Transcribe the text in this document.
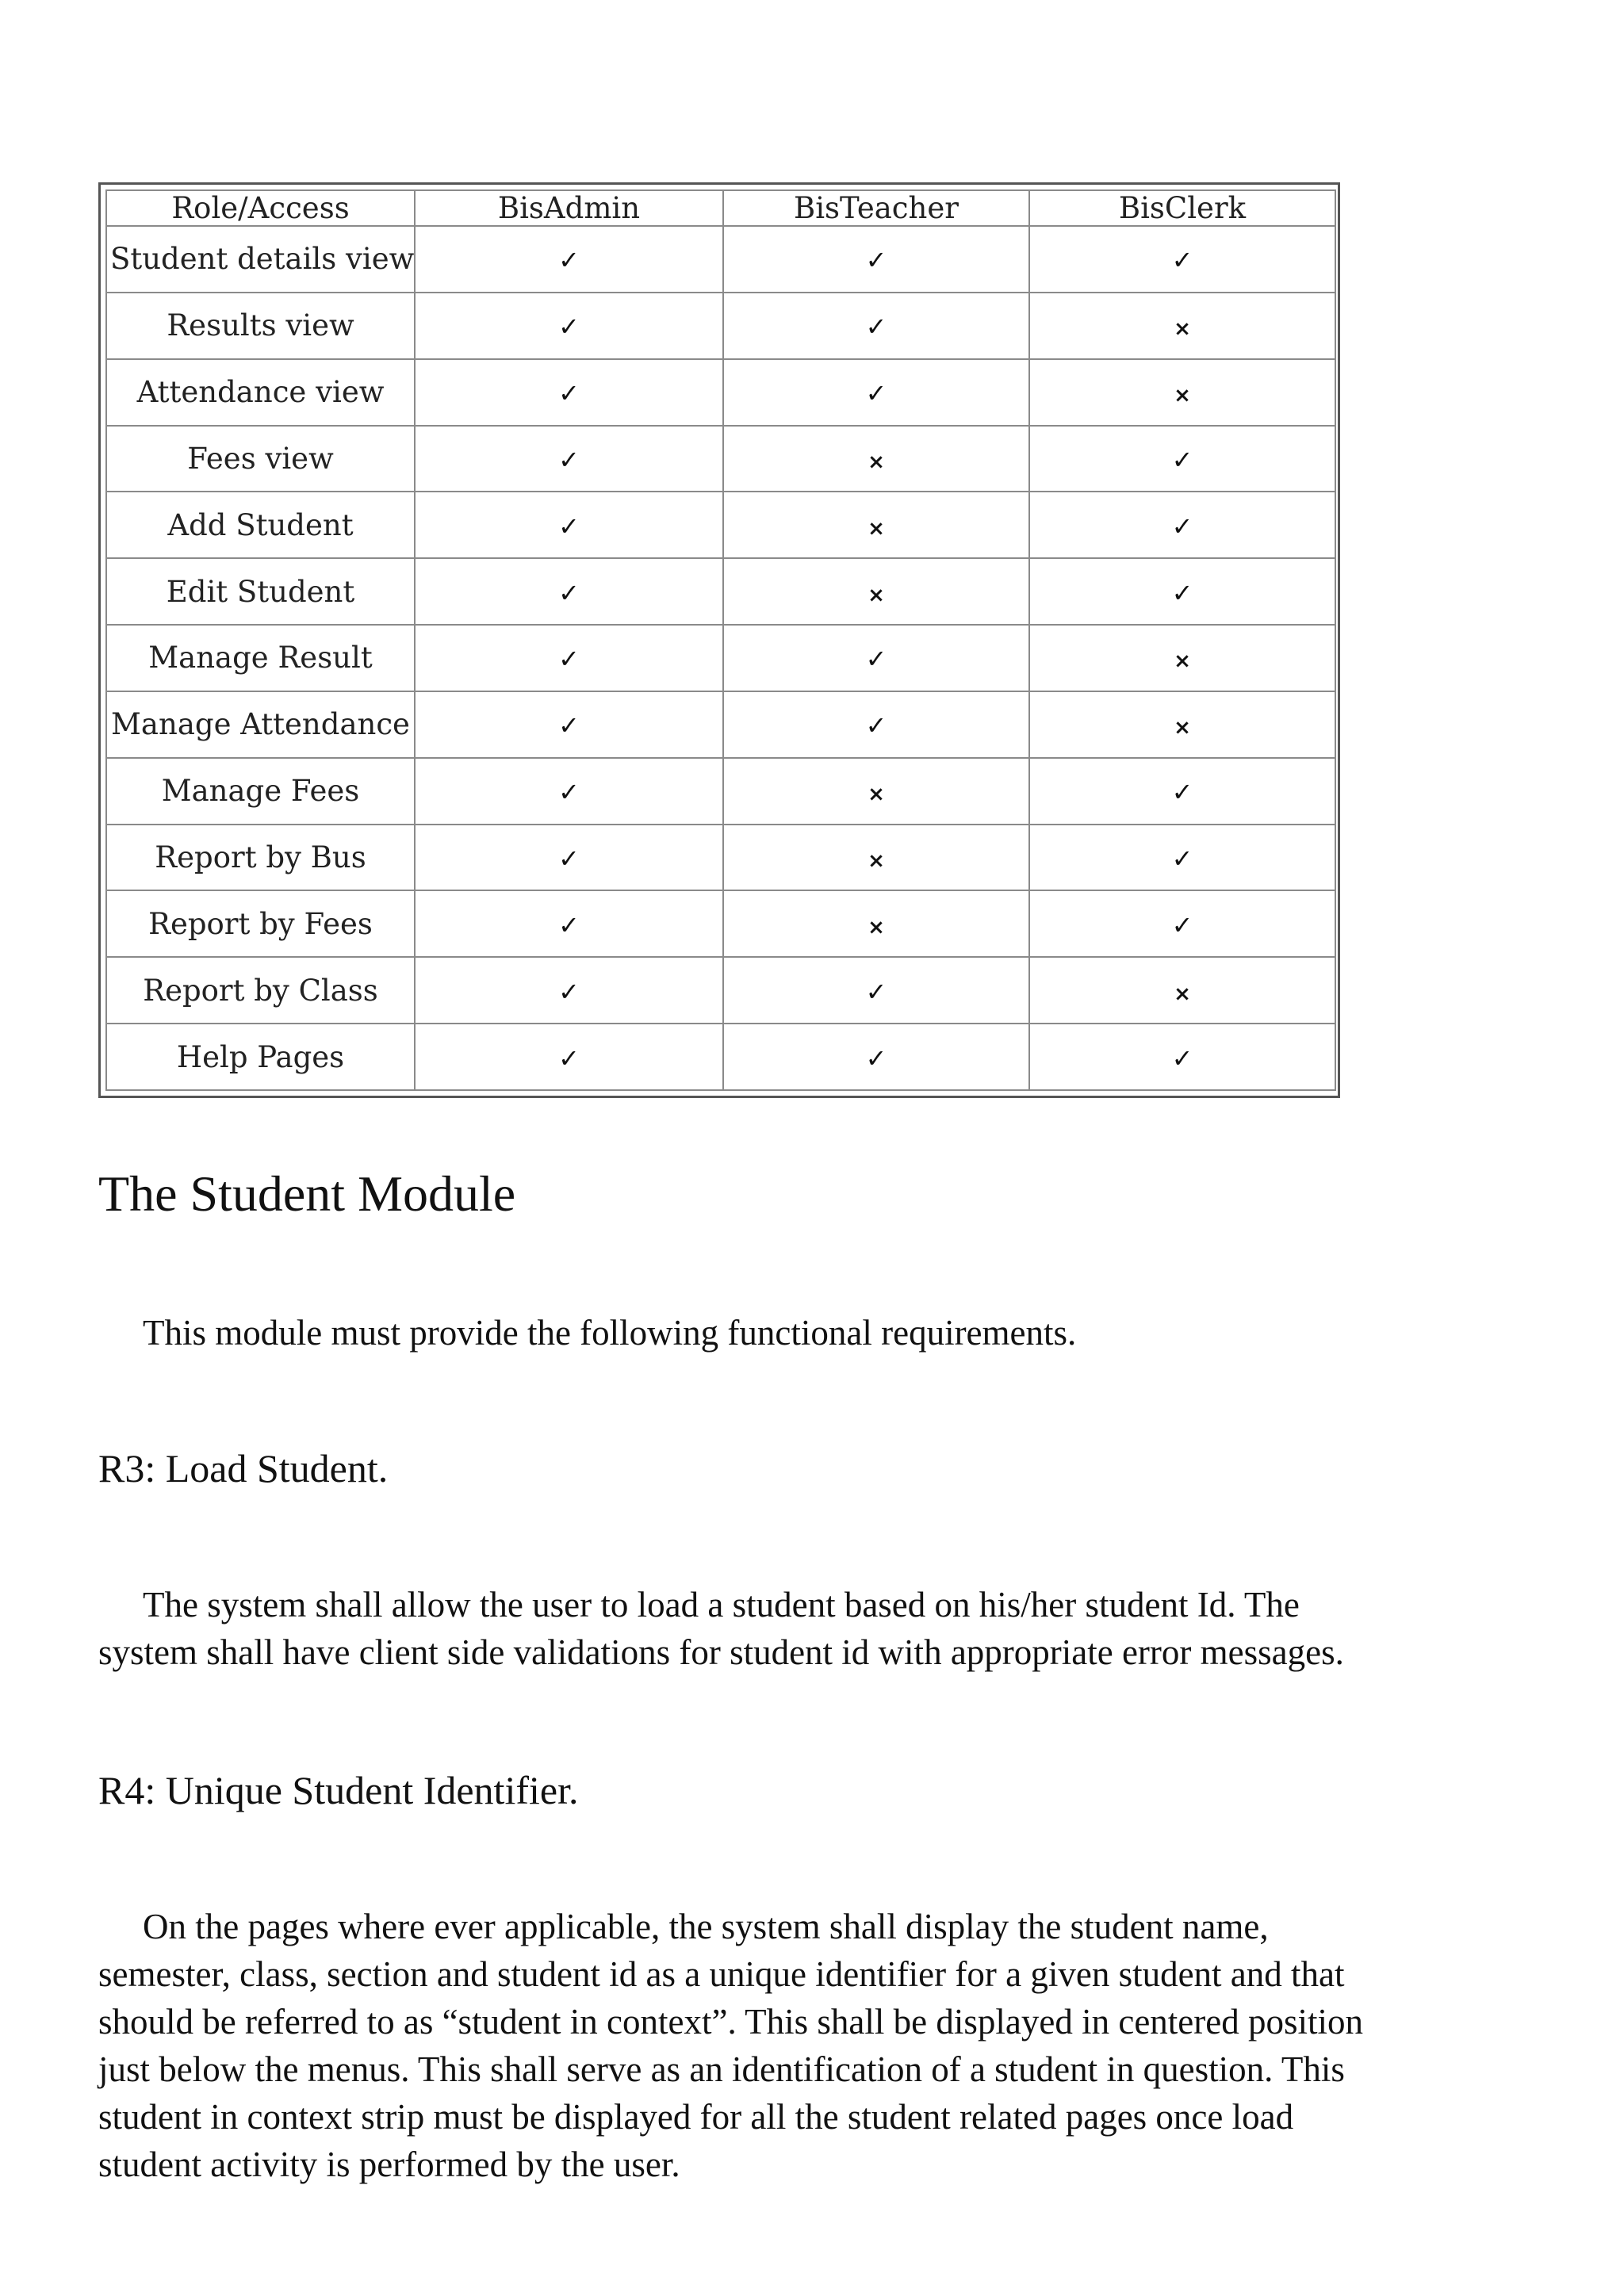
Role/Access	BisAdmin	BisTeacher	BisClerk
Student details view	✓	✓	✓
Results view	✓	✓	×
Attendance view	✓	✓	×
Fees view	✓	×	✓
Add Student	✓	×	✓
Edit Student	✓	×	✓
Manage Result	✓	✓	×
Manage Attendance	✓	✓	×
Manage Fees	✓	×	✓
Report by Bus	✓	×	✓
Report by Fees	✓	×	✓
Report by Class	✓	✓	×
Help Pages	✓	✓	✓
The Student Module

This module must provide the following functional requirements.

R3: Load Student.

The system shall allow the user to load a student based on his/her student Id. The
system shall have client side validations for student id with appropriate error messages.

R4: Unique Student Identifier.

On the pages where ever applicable, the system shall display the student name,
semester, class, section and student id as a unique identifier for a given student and that
should be referred to as “student in context”. This shall be displayed in centered position
just below the menus. This shall serve as an identification of a student in question. This
student in context strip must be displayed for all the student related pages once load
student activity is performed by the user.
